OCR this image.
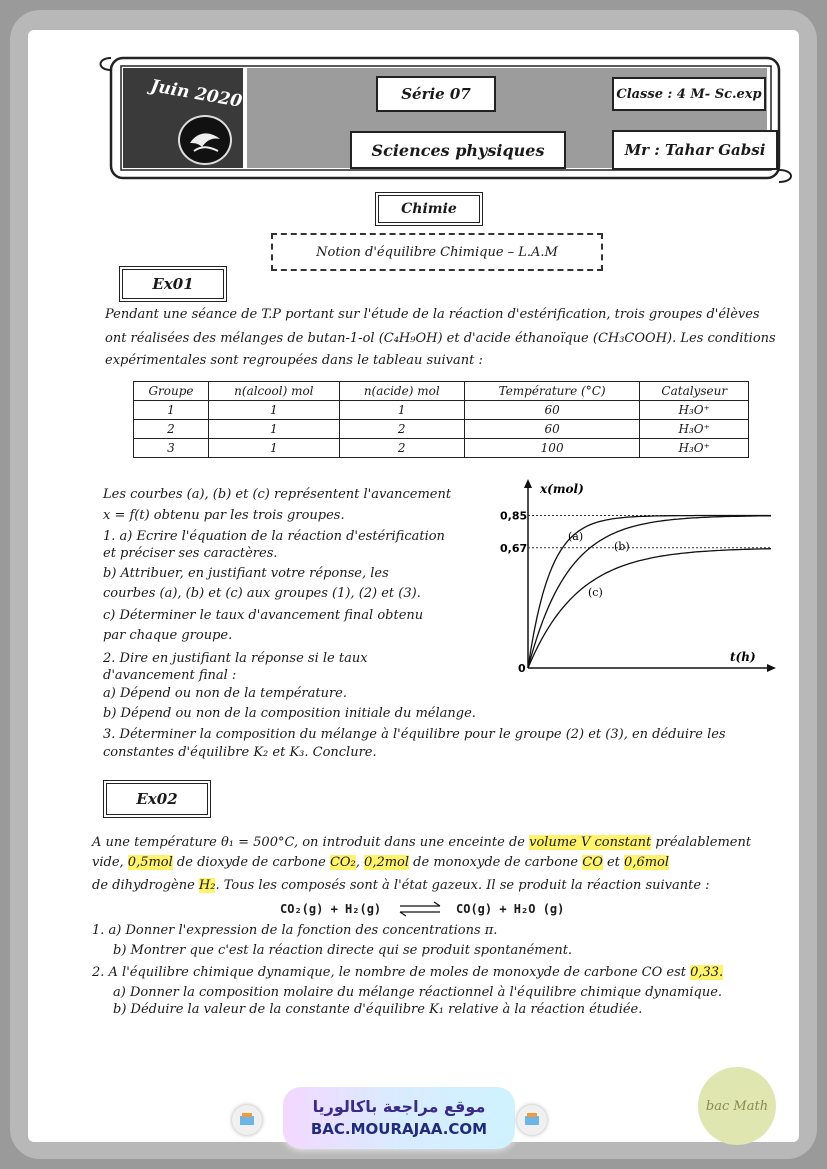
Juin 2020	Série 07	Classe : 4 M- Sc.exp
Sciences physiques	Mr : Tahar Gabsi
Chimie
Notion d'équilibre Chimique – L.A.M
Ex01
Pendant une séance de T.P portant sur l'étude de la réaction d'estérification, trois groupes d'élèves
ont réalisées des mélanges de butan-1-ol (C₄H₉OH) et d'acide éthanoïque (CH₃COOH). Les conditions
expérimentales sont regroupées dans le tableau suivant :
Groupe	n(alcool) mol	n(acide) mol	Température (°C)	Catalyseur
1	1	1	60	H₃O⁺
2	1	2	60	H₃O⁺
3	1	2	100	H₃O⁺
Les courbes (a), (b) et (c) représentent l'avancement
x = f(t) obtenu par les trois groupes.
1. a) Ecrire l'équation de la réaction d'estérification
et préciser ses caractères.
b) Attribuer, en justifiant votre réponse, les
courbes (a), (b) et (c) aux groupes (1), (2) et (3).
c) Déterminer le taux d'avancement final obtenu
par chaque groupe.
2. Dire en justifiant la réponse si le taux
d'avancement final :
a) Dépend ou non de la température.
b) Dépend ou non de la composition initiale du mélange.
3. Déterminer la composition du mélange à l'équilibre pour le groupe (2) et (3), en déduire les
constantes d'équilibre K₂ et K₃. Conclure.
x(mol)
t(h)
0
0,85
0,67
(a)
(b)
(c)
Ex02
A une température θ₁ = 500°C, on introduit dans une enceinte de volume V constant préalablement
vide, 0,5mol de dioxyde de carbone CO₂, 0,2mol de monoxyde de carbone CO et 0,6mol
de dihydrogène H₂. Tous les composés sont à l'état gazeux. Il se produit la réaction suivante :
CO₂(g) + H₂(g) ⇌ CO(g) + H₂O (g)
1. a) Donner l'expression de la fonction des concentrations π.
b) Montrer que c'est la réaction directe qui se produit spontanément.
2. A l'équilibre chimique dynamique, le nombre de moles de monoxyde de carbone CO est 0,33.
a) Donner la composition molaire du mélange réactionnel à l'équilibre chimique dynamique.
b) Déduire la valeur de la constante d'équilibre K₁ relative à la réaction étudiée.
موقع مراجعة باكالوريا
BAC.MOURAJAA.COM
bac Math
